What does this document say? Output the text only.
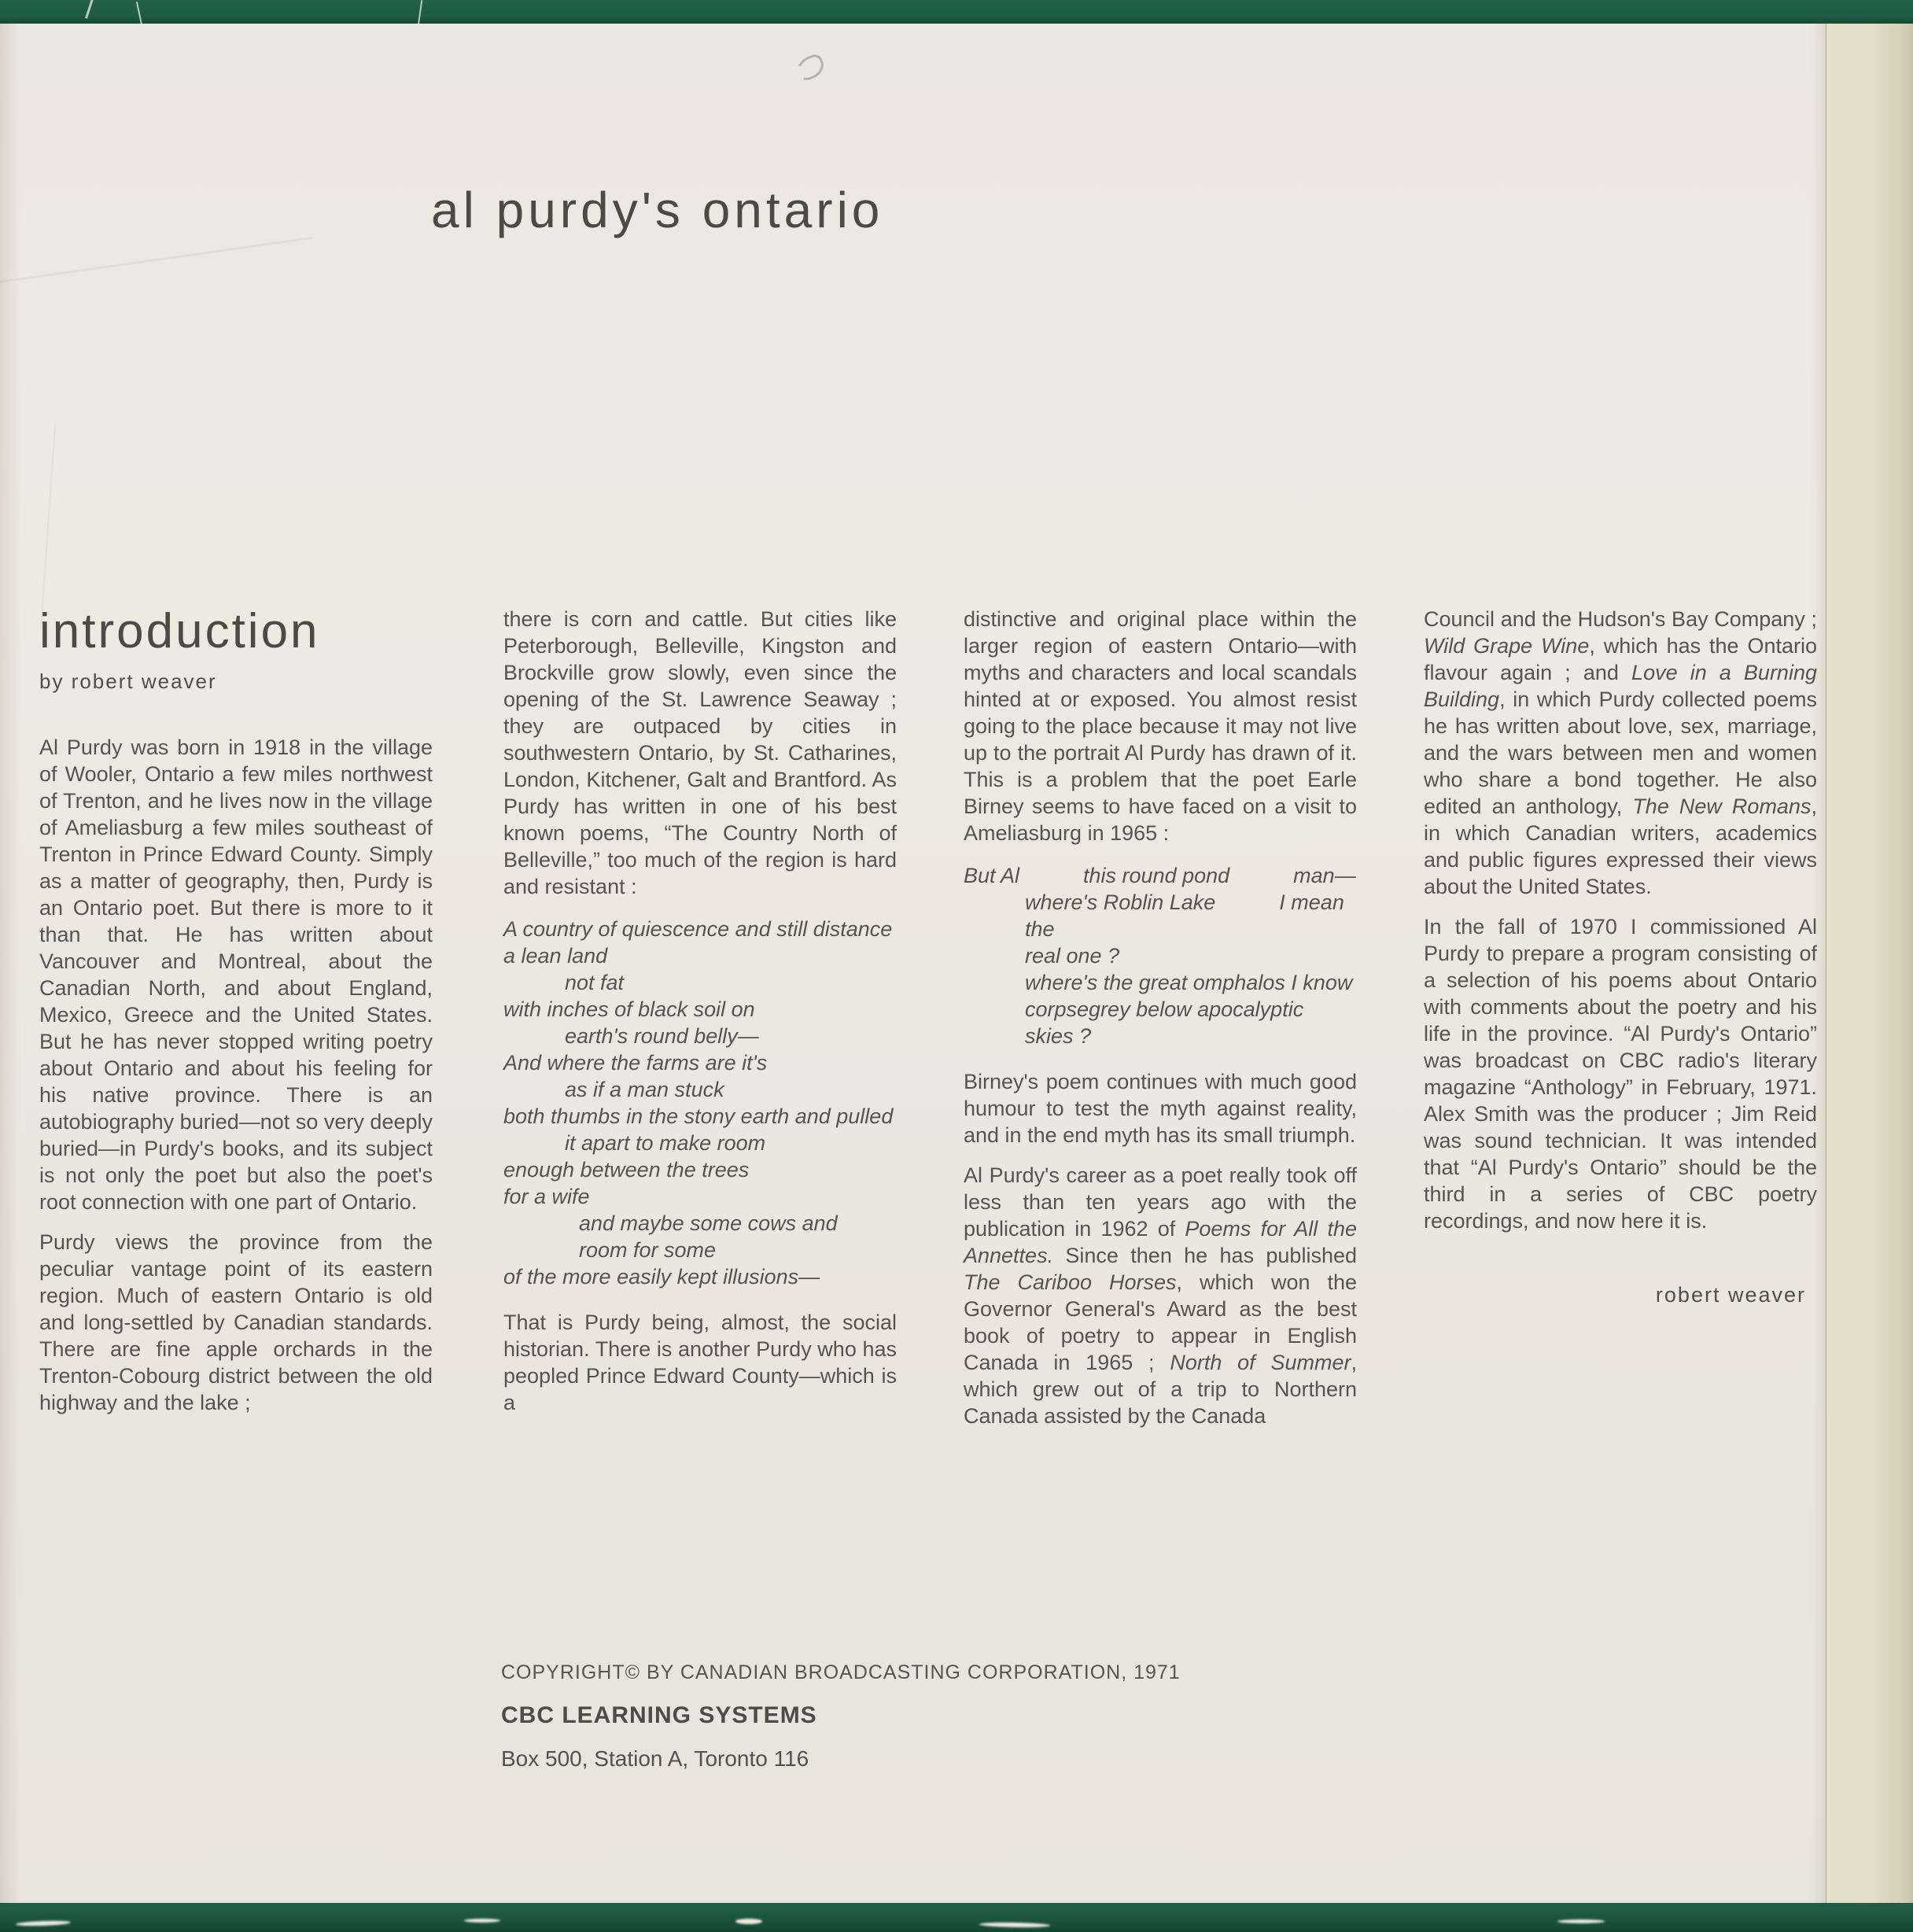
al purdy's ontario
introduction
by robert weaver

Al Purdy was born in 1918 in the village of Wooler, Ontario a few miles northwest of Trenton, and he lives now in the village of Ameliasburg a few miles southeast of Trenton in Prince Edward County. Simply as a matter of geography, then, Purdy is an Ontario poet. But there is more to it than that. He has written about Vancouver and Montreal, about the Canadian North, and about England, Mexico, Greece and the United States. But he has never stopped writing poetry about Ontario and about his feeling for his native province. There is an autobiography buried—not so very deeply buried—in Purdy's books, and its subject is not only the poet but also the poet's root connection with one part of Ontario.

Purdy views the province from the peculiar vantage point of its eastern region. Much of eastern Ontario is old and long-settled by Canadian standards. There are fine apple orchards in the Trenton-Cobourg district between the old highway and the lake ;

there is corn and cattle. But cities like Peterborough, Belleville, Kingston and Brockville grow slowly, even since the opening of the St. Lawrence Seaway ; they are outpaced by cities in southwestern Ontario, by St. Catharines, London, Kitchener, Galt and Brantford. As Purdy has written in one of his best known poems, “The Country North of Belleville,” too much of the region is hard and resistant :

A country of quiescence and still distance
a lean land
not fat
with inches of black soil on
earth's round belly—
And where the farms are it's
as if a man stuck
both thumbs in the stony earth and pulled
it apart to make room
enough between the trees
for a wife
and maybe some cows and
room for some
of the more easily kept illusions—

That is Purdy being, almost, the social historian. There is another Purdy who has peopled Prince Edward County—which is a

distinctive and original place within the larger region of eastern Ontario—with myths and characters and local scandals hinted at or exposed. You almost resist going to the place because it may not live up to the portrait Al Purdy has drawn of it. This is a problem that the poet Earle Birney seems to have faced on a visit to Ameliasburg in 1965 :

But Al   this round pond   man—
where's Roblin Lake   I mean the
real one ?
where's the great omphalos I know
corpsegrey below apocalyptic skies ?

Birney's poem continues with much good humour to test the myth against reality, and in the end myth has its small triumph.

Al Purdy's career as a poet really took off less than ten years ago with the publication in 1962 of Poems for All the Annettes. Since then he has published The Cariboo Horses, which won the Governor General's Award as the best book of poetry to appear in English Canada in 1965 ; North of Summer, which grew out of a trip to Northern Canada assisted by the Canada

Council and the Hudson's Bay Company ; Wild Grape Wine, which has the Ontario flavour again ; and Love in a Burning Building, in which Purdy collected poems he has written about love, sex, marriage, and the wars between men and women who share a bond together. He also edited an anthology, The New Romans, in which Canadian writers, academics and public figures expressed their views about the United States.

In the fall of 1970 I commissioned Al Purdy to prepare a program consisting of a selection of his poems about Ontario with comments about the poetry and his life in the province. “Al Purdy's Ontario” was broadcast on CBC radio's literary magazine “Anthology” in February, 1971. Alex Smith was the producer ; Jim Reid was sound technician. It was intended that “Al Purdy's Ontario” should be the third in a series of CBC poetry recordings, and now here it is.

robert weaver
COPYRIGHT© BY CANADIAN BROADCASTING CORPORATION, 1971
CBC LEARNING SYSTEMS
Box 500, Station A, Toronto 116
